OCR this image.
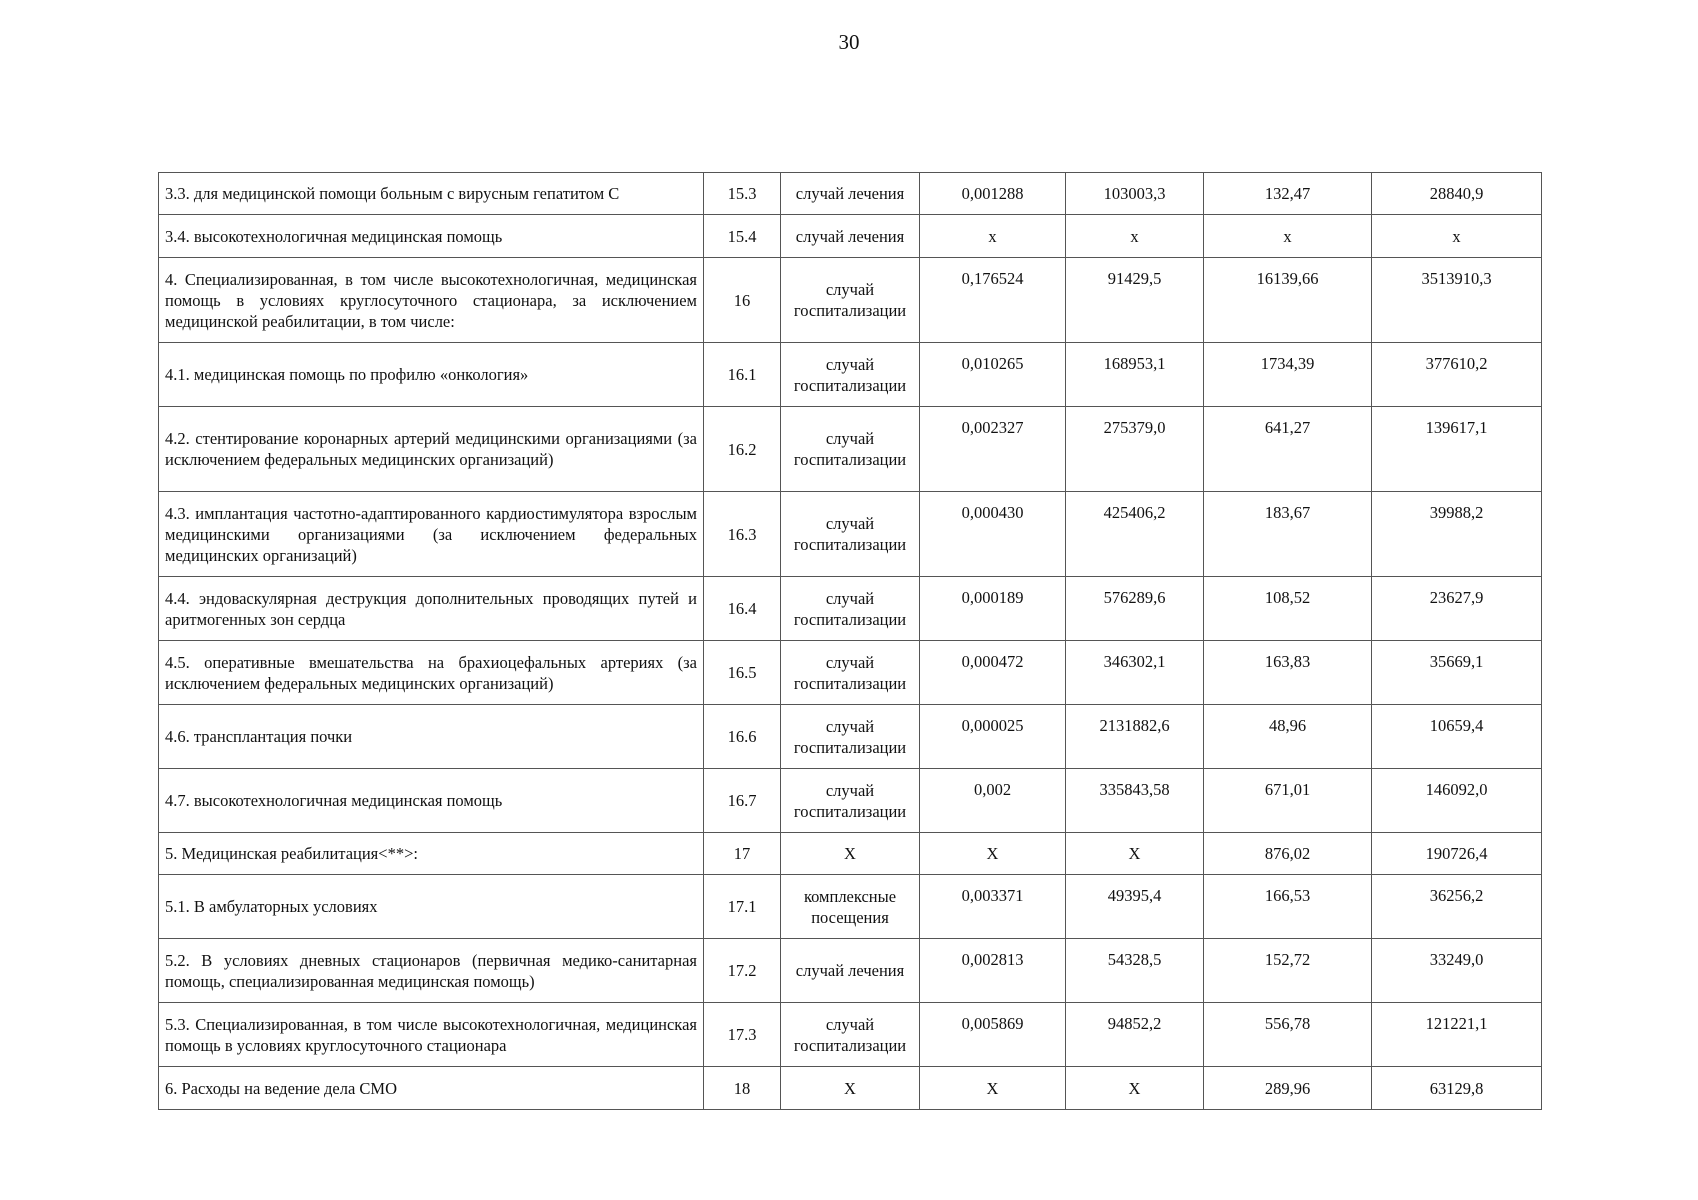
30
3.3. для медицинской помощи больным с вирусным гепатитом С	15.3	случай лечения	0,001288	103003,3	132,47	28840,9
3.4. высокотехнологичная медицинская помощь	15.4	случай лечения	х	х	х	х
4. Специализированная, в том числе высокотехнологичная, медицинская помощь в условиях круглосуточного стационара, за исключением медицинской реабилитации, в том числе:	16	случай госпитализации	0,176524	91429,5	16139,66	3513910,3
4.1. медицинская помощь по профилю «онкология»	16.1	случай госпитализации	0,010265	168953,1	1734,39	377610,2
4.2. стентирование коронарных артерий медицинскими организациями (за исключением федеральных медицинских организаций)	16.2	случай госпитализации	0,002327	275379,0	641,27	139617,1
4.3. имплантация частотно-адаптированного кардиостимулятора взрослым медицинскими организациями (за исключением федеральных медицинских организаций)	16.3	случай госпитализации	0,000430	425406,2	183,67	39988,2
4.4. эндоваскулярная деструкция дополнительных проводящих путей и аритмогенных зон сердца	16.4	случай госпитализации	0,000189	576289,6	108,52	23627,9
4.5. оперативные вмешательства на брахиоцефальных артериях (за исключением федеральных медицинских организаций)	16.5	случай госпитализации	0,000472	346302,1	163,83	35669,1
4.6. трансплантация почки	16.6	случай госпитализации	0,000025	2131882,6	48,96	10659,4
4.7. высокотехнологичная медицинская помощь	16.7	случай госпитализации	0,002	335843,58	671,01	146092,0
5. Медицинская реабилитация<**>:	17	Х	Х	Х	876,02	190726,4
5.1. В амбулаторных условиях	17.1	комплексные посещения	0,003371	49395,4	166,53	36256,2
5.2. В условиях дневных стационаров (первичная медико-санитарная помощь, специализированная медицинская помощь)	17.2	случай лечения	0,002813	54328,5	152,72	33249,0
5.3. Специализированная, в том числе высокотехнологичная, медицинская помощь в условиях круглосуточного стационара	17.3	случай госпитализации	0,005869	94852,2	556,78	121221,1
6. Расходы на ведение дела СМО	18	Х	Х	Х	289,96	63129,8
